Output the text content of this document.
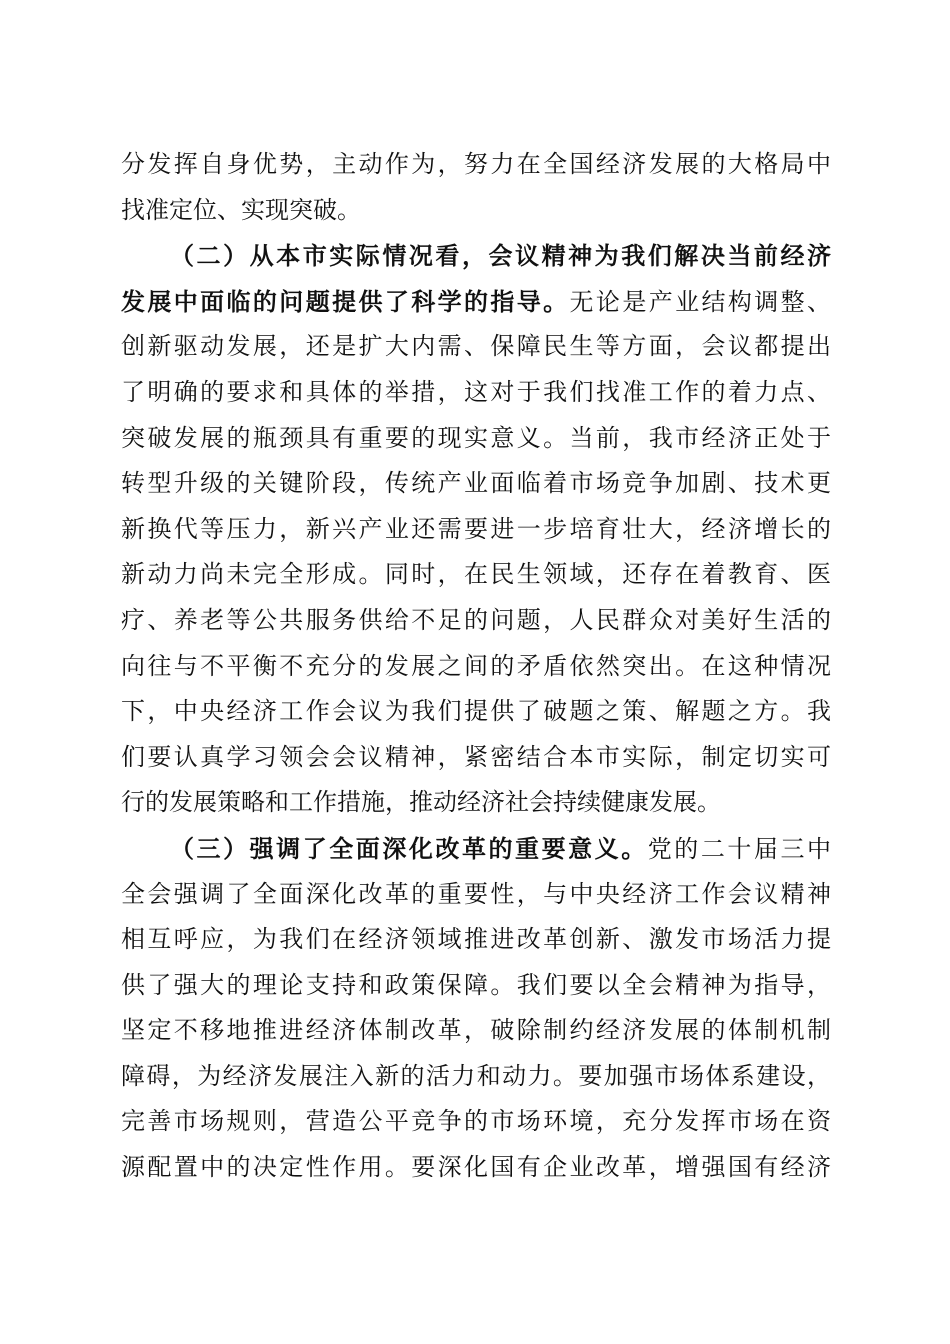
分发挥自身优势，主动作为，努力在全国经济发展的大格局中
找准定位、实现突破。
（二）从本市实际情况看，会议精神为我们解决当前经济
发展中面临的问题提供了科学的指导。无论是产业结构调整、
创新驱动发展，还是扩大内需、保障民生等方面，会议都提出
了明确的要求和具体的举措，这对于我们找准工作的着力点、
突破发展的瓶颈具有重要的现实意义。当前，我市经济正处于
转型升级的关键阶段，传统产业面临着市场竞争加剧、技术更
新换代等压力，新兴产业还需要进一步培育壮大，经济增长的
新动力尚未完全形成。同时，在民生领域，还存在着教育、医
疗、养老等公共服务供给不足的问题，人民群众对美好生活的
向往与不平衡不充分的发展之间的矛盾依然突出。在这种情况
下，中央经济工作会议为我们提供了破题之策、解题之方。我
们要认真学习领会会议精神，紧密结合本市实际，制定切实可
行的发展策略和工作措施，推动经济社会持续健康发展。
（三）强调了全面深化改革的重要意义。党的二十届三中
全会强调了全面深化改革的重要性，与中央经济工作会议精神
相互呼应，为我们在经济领域推进改革创新、激发市场活力提
供了强大的理论支持和政策保障。我们要以全会精神为指导，
坚定不移地推进经济体制改革，破除制约经济发展的体制机制
障碍，为经济发展注入新的活力和动力。要加强市场体系建设，
完善市场规则，营造公平竞争的市场环境，充分发挥市场在资
源配置中的决定性作用。要深化国有企业改革，增强国有经济
